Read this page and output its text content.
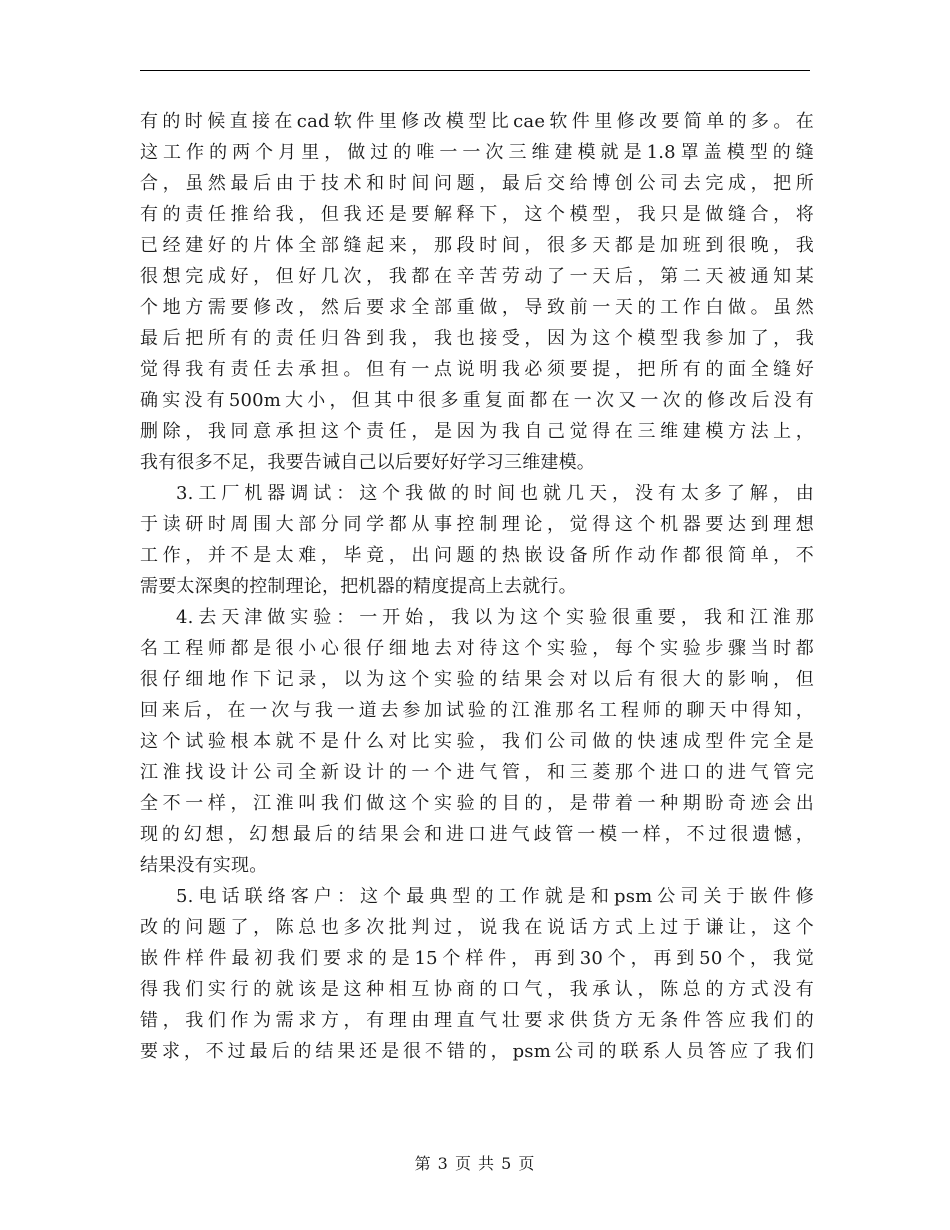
有的时候直接在cad软件里修改模型比cae软件里修改要简单的多。在
这工作的两个月里，做过的唯一一次三维建模就是1.8罩盖模型的缝
合，虽然最后由于技术和时间问题，最后交给博创公司去完成，把所
有的责任推给我，但我还是要解释下，这个模型，我只是做缝合，将
已经建好的片体全部缝起来，那段时间，很多天都是加班到很晚，我
很想完成好，但好几次，我都在辛苦劳动了一天后，第二天被通知某
个地方需要修改，然后要求全部重做，导致前一天的工作白做。虽然
最后把所有的责任归咎到我，我也接受，因为这个模型我参加了，我
觉得我有责任去承担。但有一点说明我必须要提，把所有的面全缝好
确实没有500m大小，但其中很多重复面都在一次又一次的修改后没有
删除，我同意承担这个责任，是因为我自己觉得在三维建模方法上，
我有很多不足，我要告诫自己以后要好好学习三维建模。
3.工厂机器调试：这个我做的时间也就几天，没有太多了解，由
于读研时周围大部分同学都从事控制理论，觉得这个机器要达到理想
工作，并不是太难，毕竟，出问题的热嵌设备所作动作都很简单，不
需要太深奥的控制理论，把机器的精度提高上去就行。
4.去天津做实验：一开始，我以为这个实验很重要，我和江淮那
名工程师都是很小心很仔细地去对待这个实验，每个实验步骤当时都
很仔细地作下记录，以为这个实验的结果会对以后有很大的影响，但
回来后，在一次与我一道去参加试验的江淮那名工程师的聊天中得知，
这个试验根本就不是什么对比实验，我们公司做的快速成型件完全是
江淮找设计公司全新设计的一个进气管，和三菱那个进口的进气管完
全不一样，江淮叫我们做这个实验的目的，是带着一种期盼奇迹会出
现的幻想，幻想最后的结果会和进口进气歧管一模一样，不过很遗憾，
结果没有实现。
5.电话联络客户：这个最典型的工作就是和psm公司关于嵌件修
改的问题了，陈总也多次批判过，说我在说话方式上过于谦让，这个
嵌件样件最初我们要求的是15个样件，再到30个，再到50个，我觉
得我们实行的就该是这种相互协商的口气，我承认，陈总的方式没有
错，我们作为需求方，有理由理直气壮要求供货方无条件答应我们的
要求，不过最后的结果还是很不错的，psm公司的联系人员答应了我们
第 3 页 共 5 页
